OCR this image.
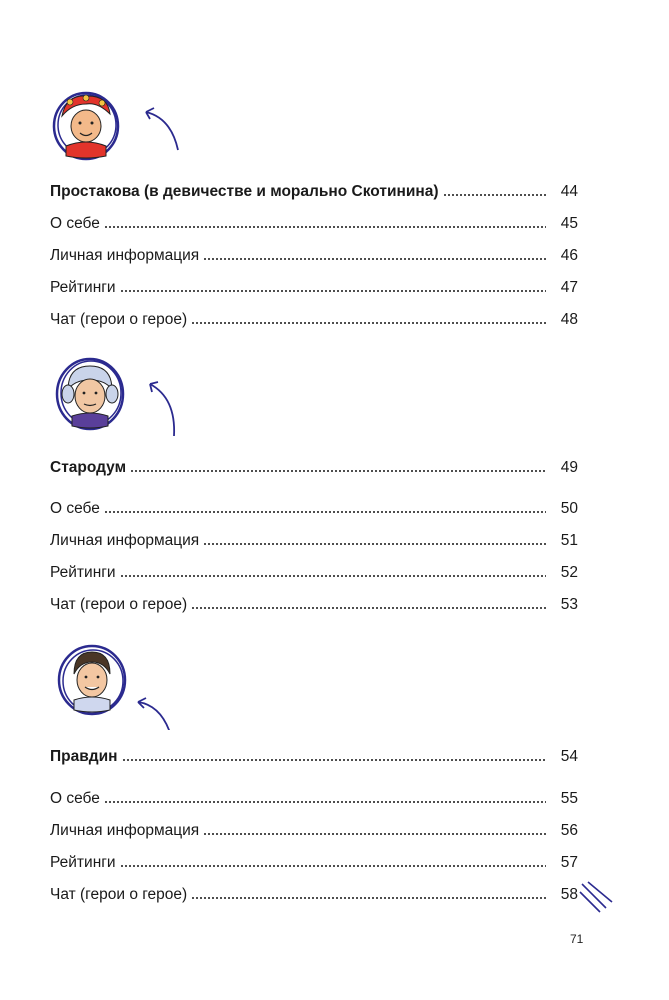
Простакова (в девичестве и морально Скотинина)	44
О себе	45
Личная информация	46
Рейтинги	47
Чат (герои о герое)	48
Стародум	49
О себе	50
Личная информация	51
Рейтинги	52
Чат (герои о герое)	53
Правдин	54
О себе	55
Личная информация	56
Рейтинги	57
Чат (герои о герое)	58
71
